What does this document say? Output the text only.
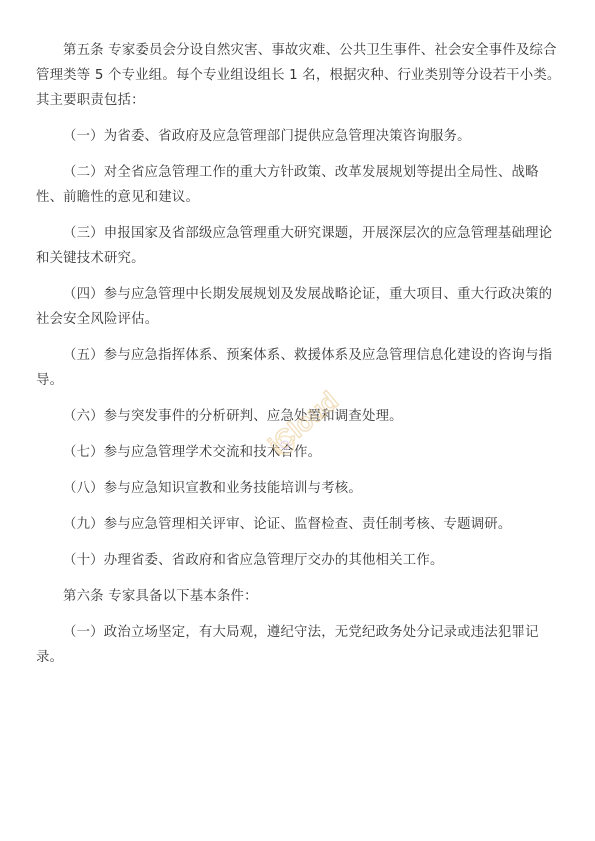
第五条 专家委员会分设自然灾害、事故灾难、公共卫生事件、社会安全事件及综合管理类等 5 个专业组。每个专业组设组长 1 名，根据灾种、行业类别等分设若干小类。其主要职责包括：

（一）为省委、省政府及应急管理部门提供应急管理决策咨询服务。

（二）对全省应急管理工作的重大方针政策、改革发展规划等提出全局性、战略性、前瞻性的意见和建议。

（三）申报国家及省部级应急管理重大研究课题，开展深层次的应急管理基础理论和关键技术研究。

（四）参与应急管理中长期发展规划及发展战略论证，重大项目、重大行政决策的社会安全风险评估。

（五）参与应急指挥体系、预案体系、救援体系及应急管理信息化建设的咨询与指导。

（六）参与突发事件的分析研判、应急处置和调查处理。

（七）参与应急管理学术交流和技术合作。

（八）参与应急知识宣教和业务技能培训与考核。

（九）参与应急管理相关评审、论证、监督检查、责任制考核、专题调研。

（十）办理省委、省政府和省应急管理厅交办的其他相关工作。

第六条 专家具备以下基本条件：

（一）政治立场坚定，有大局观，遵纪守法，无党纪政务处分记录或违法犯罪记录。

iCloud
